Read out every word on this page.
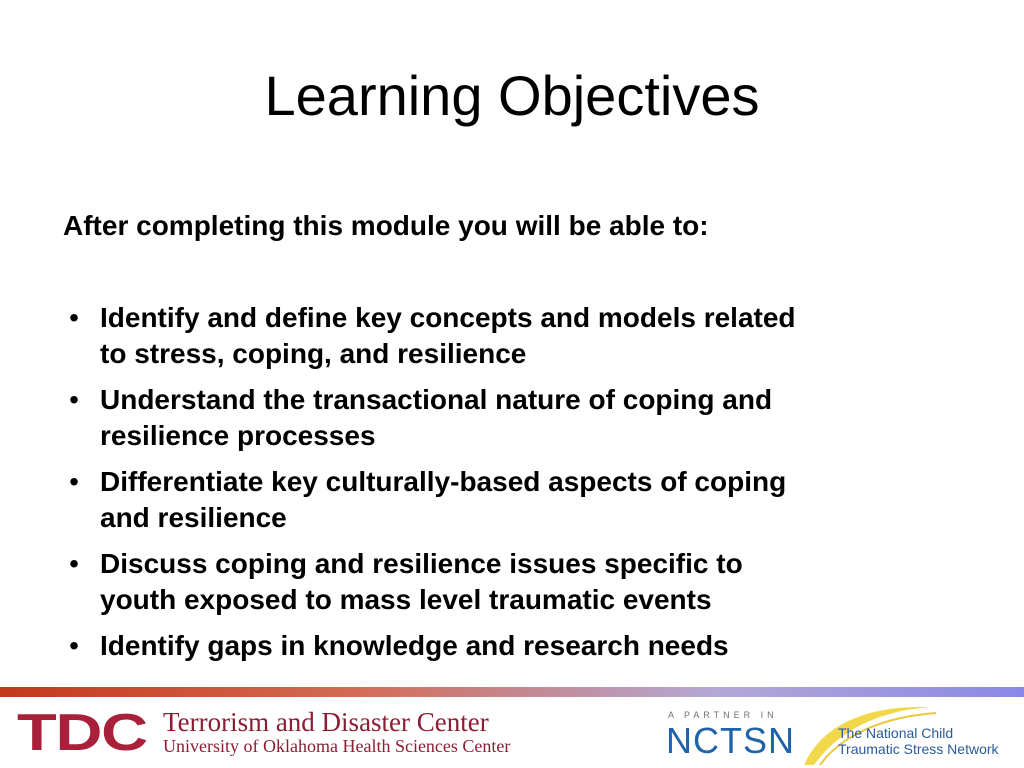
Learning Objectives
After completing this module you will be able to:
• Identify and define key concepts and models related
to stress, coping, and resilience
• Understand the transactional nature of coping and
resilience processes
• Differentiate key culturally-based aspects of coping
and resilience
• Discuss coping and resilience issues specific to
youth exposed to mass level traumatic events
• Identify gaps in knowledge and research needs
TDC Terrorism and Disaster Center
University of Oklahoma Health Sciences Center
A PARTNER IN
NCTSN	The National Child
Traumatic Stress Network
